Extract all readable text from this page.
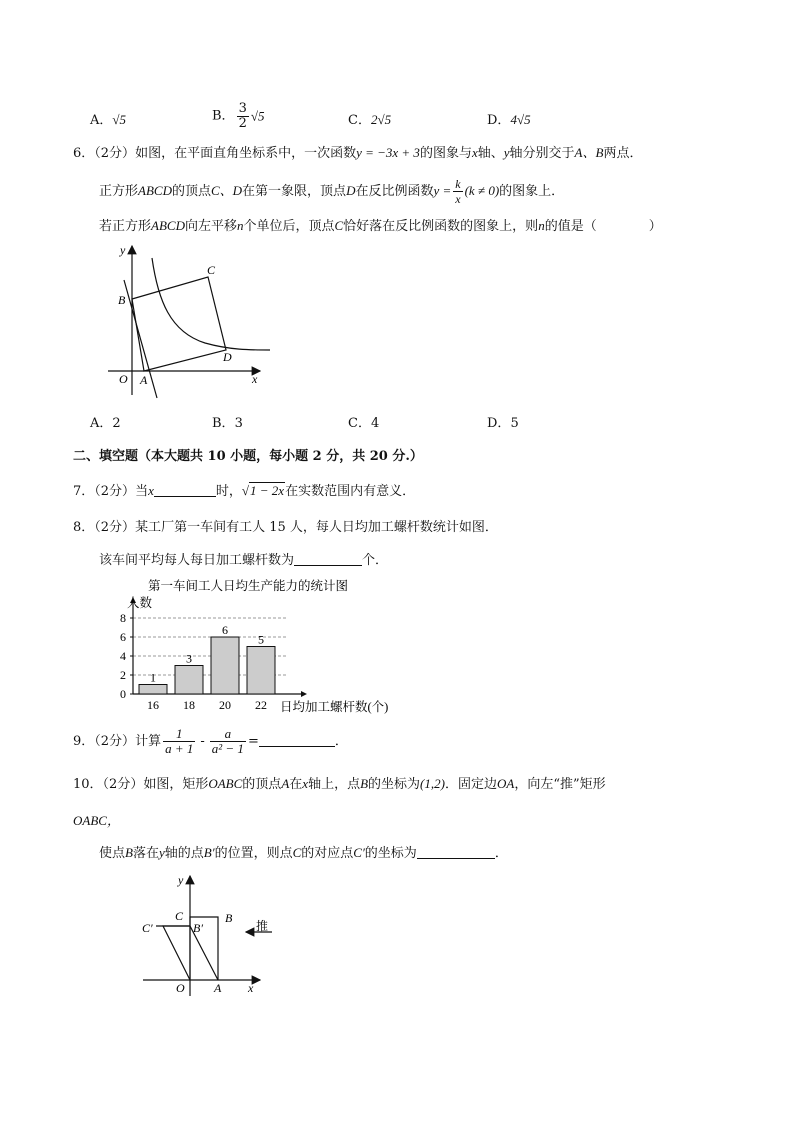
A．√5	B． $\frac{3}{2} √5$	C．2√5	D．4√5
6．（2分）如图，在平面直角坐标系中，一次函数y = −3x + 3的图象与x轴、y轴分别交于A、B两点．
正方形ABCD的顶点C、D在第一象限，顶点D在反比例函数$y = \frac{k}{x} (k \ne 0)$的图象上．
若正方形ABCD向左平移n个单位后，顶点C恰好落在反比例函数的图象上，则n的值是（	）
y
x
O A
B
C
D
A．2	B．3	C．4	D．5
二、填空题（本大题共 10 小题，每小题 2 分，共 20 分.）
7．（2分）当x	时，√1 − 2x在实数范围内有意义．
8．（2分）某工厂第一车间有工人 15 人，每人日均加工螺杆数统计如图．
该车间平均每人每日加工螺杆数为	个．
第一车间工人日均生产能力的统计图
0
2
4
6
8
人数
1
16
3
18
6
20
5
22 日均加工螺杆数(个)
9．（2分）计算 $\frac{1}{a + 1} - \frac{a}{\text{a² − 1}}$ =	．
10．（2分）如图，矩形OABC的顶点A在x轴上，点B的坐标为(1,2)．固定边OA，向左“推”矩形
OABC，
使点B落在y轴的点B′的位置，则点C的对应点C′的坐标为	．
y
x
O A
B
C
C′	B′	推
